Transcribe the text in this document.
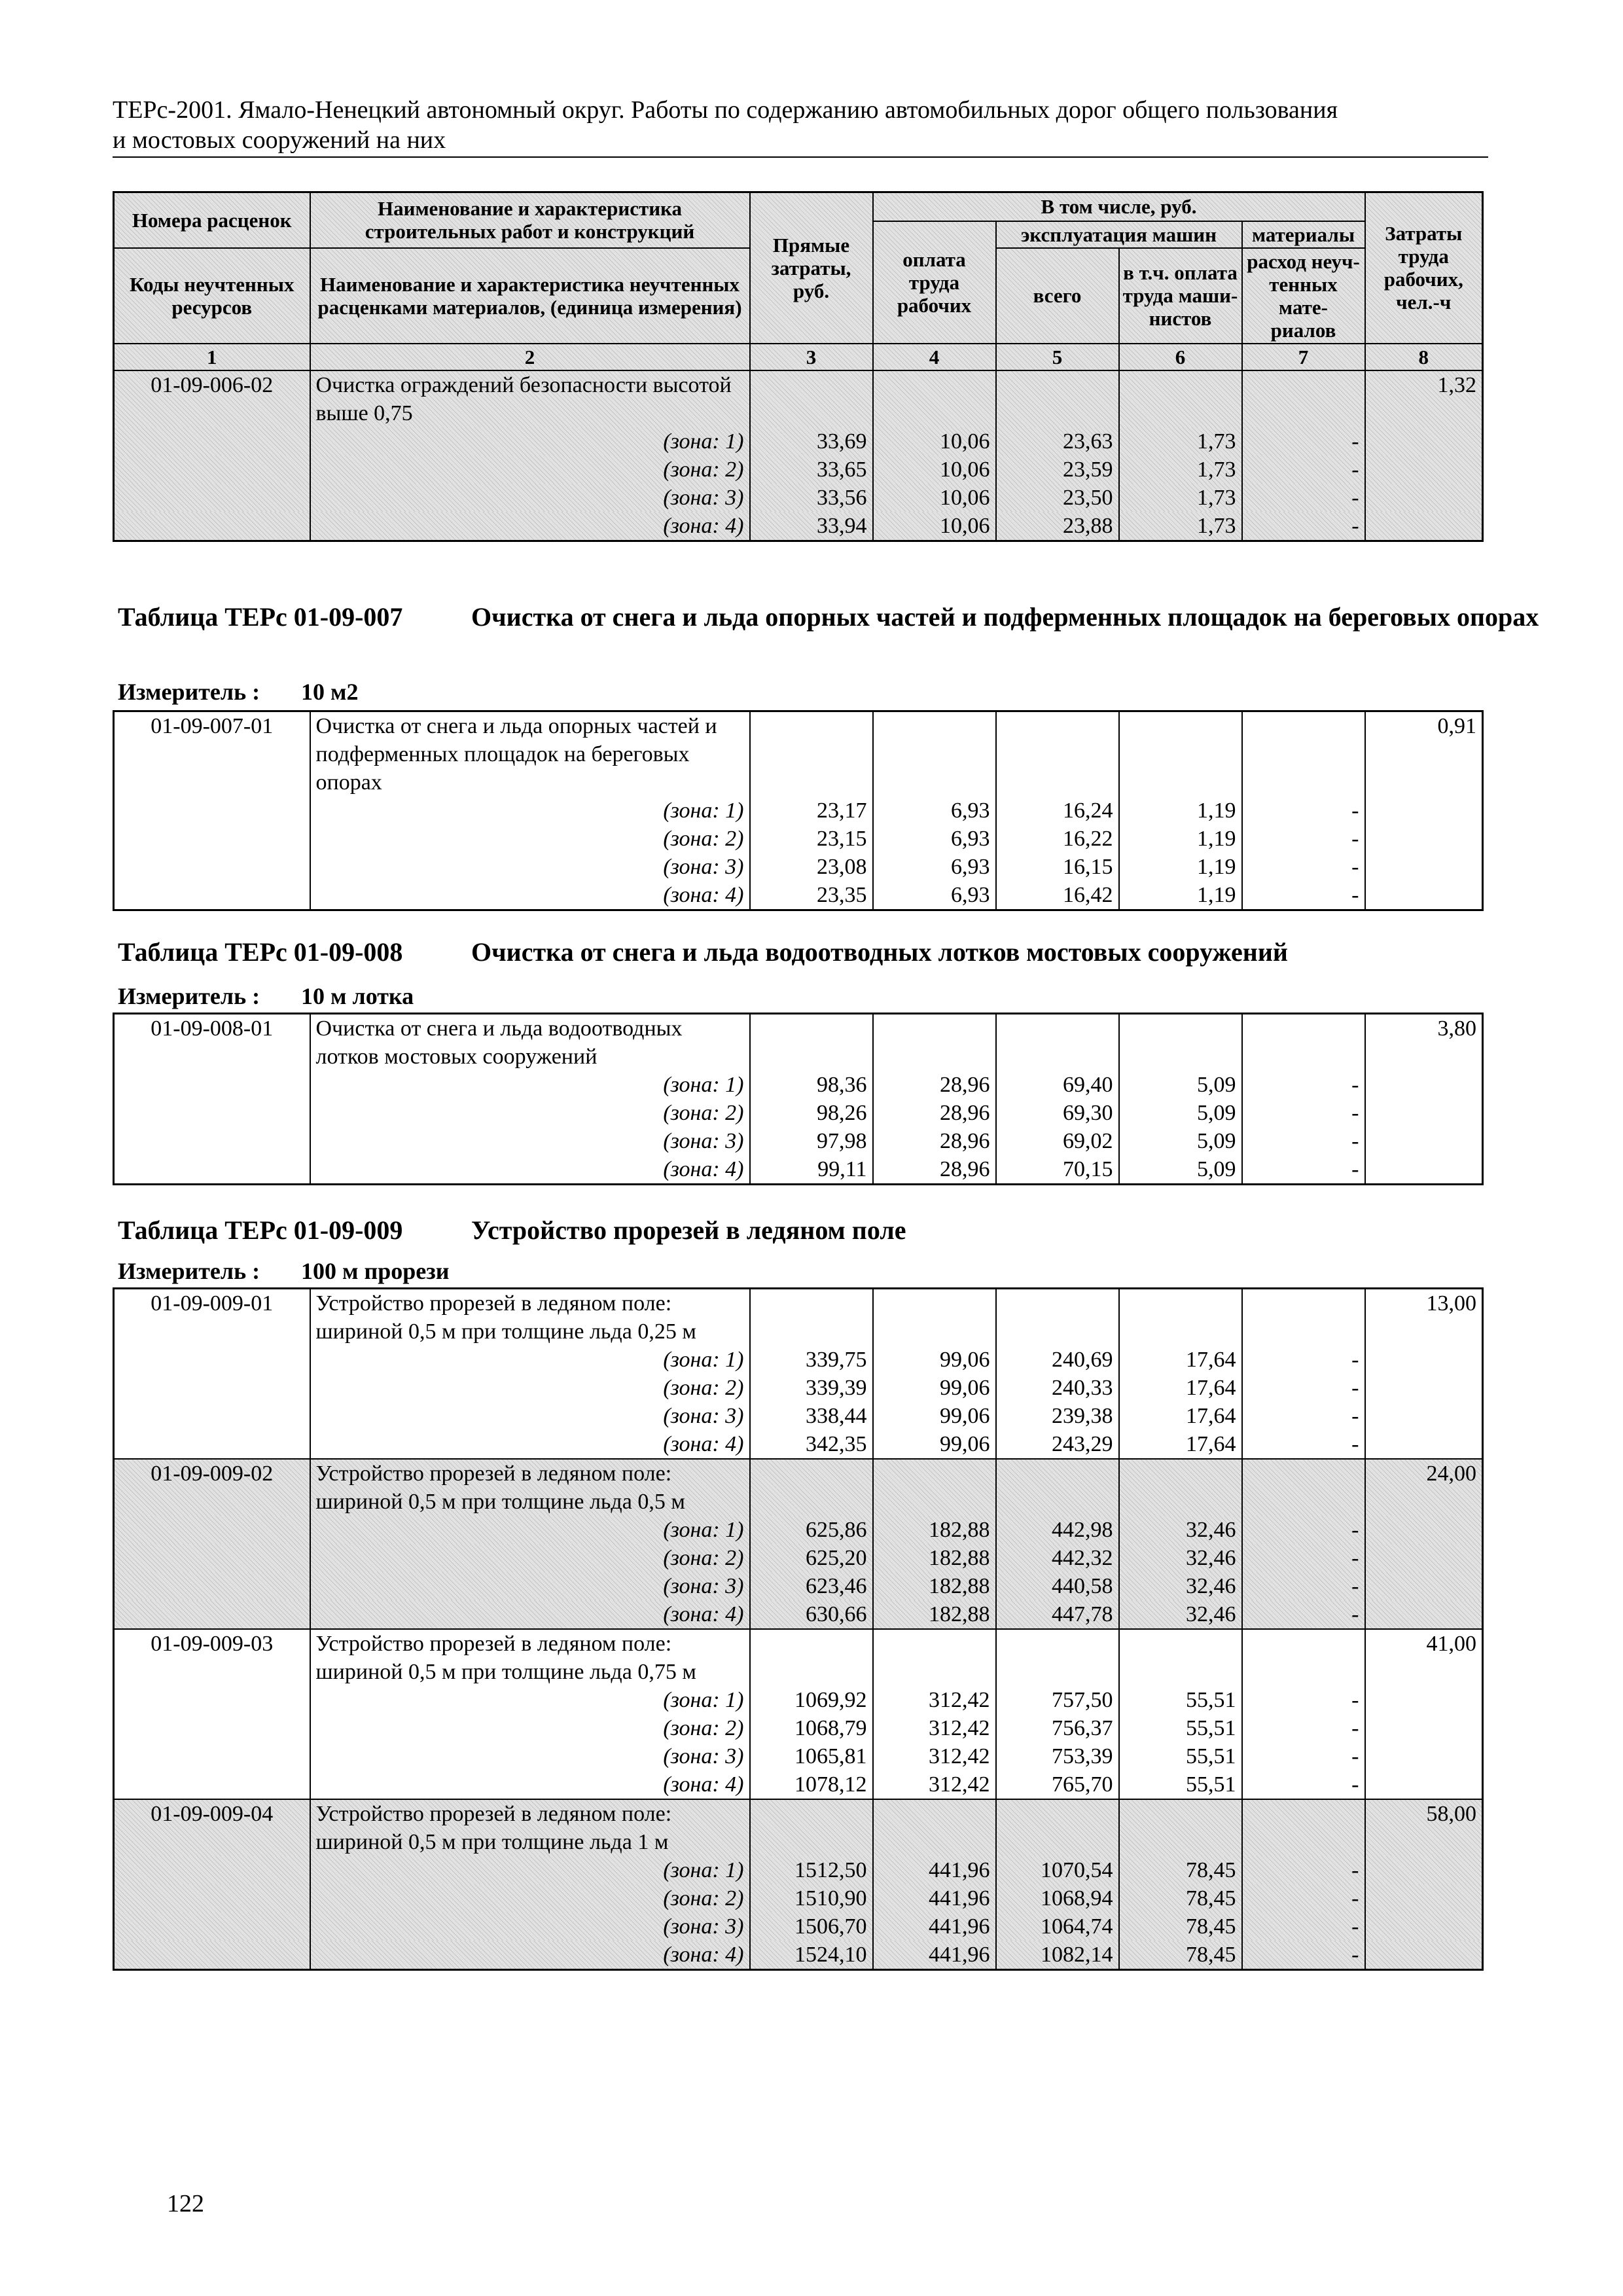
ТЕРс-2001. Ямало-Ненецкий автономный округ. Работы по содержанию автомобильных дорог общего пользования
и мостовых сооружений на них
Номера расценок	Наименование и характеристика строительных работ и конструкций	Прямые затраты, руб.	В том числе, руб.				Затраты труда рабочих, чел.-ч
			оплата труда рабочих	эксплуатация машин		материалы	
Коды неучтенных ресурсов	Наименование и характеристика неучтенных расценками материалов, (единица измерения)			всего	в т.ч. оплата труда маши- нистов	расход неуч- тенных мате- риалов	

1	2	3	4	5	6	7	8
01-09-006-02	Очистка ограждений безопасности высотой выше 0,75						1,32
	(зона: 1)	33,69	10,06	23,63	1,73	-	
	(зона: 2)	33,65	10,06	23,59	1,73	-	
	(зона: 3)	33,56	10,06	23,50	1,73	-	
	(зона: 4)	33,94	10,06	23,88	1,73	-	
Таблица ТЕРс 01-09-007	Очистка от снега и льда опорных частей и подферменных площадок на береговых опорах
Измеритель : 10 м2
01-09-007-01	Очистка от снега и льда опорных частей и подферменных площадок на береговых опорах						0,91
	(зона: 1)	23,17	6,93	16,24	1,19	-	
	(зона: 2)	23,15	6,93	16,22	1,19	-	
	(зона: 3)	23,08	6,93	16,15	1,19	-	
	(зона: 4)	23,35	6,93	16,42	1,19	-	
Таблица ТЕРс 01-09-008	Очистка от снега и льда водоотводных лотков мостовых сооружений
Измеритель : 10 м лотка
01-09-008-01	Очистка от снега и льда водоотводных лотков мостовых сооружений						3,80
	(зона: 1)	98,36	28,96	69,40	5,09	-	
	(зона: 2)	98,26	28,96	69,30	5,09	-	
	(зона: 3)	97,98	28,96	69,02	5,09	-	
	(зона: 4)	99,11	28,96	70,15	5,09	-	
Таблица ТЕРс 01-09-009	Устройство прорезей в ледяном поле
Измеритель : 100 м прорези
01-09-009-01	Устройство прорезей в ледяном поле: шириной 0,5 м при толщине льда 0,25 м						13,00
	(зона: 1)	339,75	99,06	240,69	17,64	-	
	(зона: 2)	339,39	99,06	240,33	17,64	-	
	(зона: 3)	338,44	99,06	239,38	17,64	-	
	(зона: 4)	342,35	99,06	243,29	17,64	-	
01-09-009-02	Устройство прорезей в ледяном поле: шириной 0,5 м при толщине льда 0,5 м						24,00
	(зона: 1)	625,86	182,88	442,98	32,46	-	
	(зона: 2)	625,20	182,88	442,32	32,46	-	
	(зона: 3)	623,46	182,88	440,58	32,46	-	
	(зона: 4)	630,66	182,88	447,78	32,46	-	
01-09-009-03	Устройство прорезей в ледяном поле: шириной 0,5 м при толщине льда 0,75 м						41,00
	(зона: 1)	1069,92	312,42	757,50	55,51	-	
	(зона: 2)	1068,79	312,42	756,37	55,51	-	
	(зона: 3)	1065,81	312,42	753,39	55,51	-	
	(зона: 4)	1078,12	312,42	765,70	55,51	-	
01-09-009-04	Устройство прорезей в ледяном поле: шириной 0,5 м при толщине льда 1 м						58,00
	(зона: 1)	1512,50	441,96	1070,54	78,45	-	
	(зона: 2)	1510,90	441,96	1068,94	78,45	-	
	(зона: 3)	1506,70	441,96	1064,74	78,45	-	
	(зона: 4)	1524,10	441,96	1082,14	78,45	-	
122
